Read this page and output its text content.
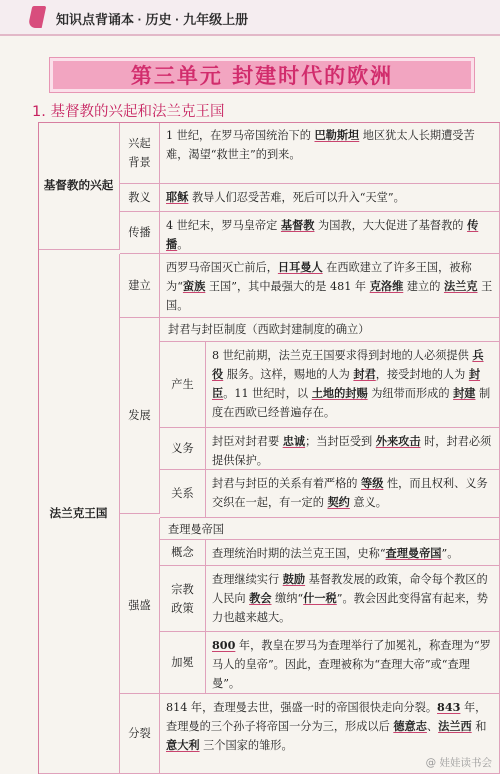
知识点背诵本 · 历史 · 九年级上册
第三单元 封建时代的欧洲
1. 基督教的兴起和法兰克王国
基督教的兴起
兴起
背景
1 世纪，在罗马帝国统治下的 巴勒斯坦 地区犹太人长期遭受苦难，渴望“救世主”的到来。
教义	耶稣 教导人们忍受苦难，死后可以升入“天堂”。
传播
4 世纪末，罗马皇帝定 基督教 为国教，大大促进了基督教的 传播。
法兰克王国
建立
西罗马帝国灭亡前后，日耳曼人 在西欧建立了许多王国，被称为“蛮族 王国”，其中最强大的是 481 年 克洛维 建立的 法兰克 王国。
发展
封君与封臣制度（西欧封建制度的确立）
产生
8 世纪前期，法兰克王国要求得到封地的人必须提供 兵役 服务。这样，赐地的人为 封君，接受封地的人为 封臣。11 世纪时，以 土地的封赐 为纽带而形成的 封建 制度在西欧已经普遍存在。
义务
封臣对封君要 忠诚；当封臣受到 外来攻击 时，封君必须提供保护。
关系
封君与封臣的关系有着严格的 等级 性，而且权利、义务交织在一起，有一定的 契约 意义。
强盛
查理曼帝国
概念	查理统治时期的法兰克王国，史称“查理曼帝国”。
宗教
政策
查理继续实行 鼓励 基督教发展的政策，命令每个教区的人民向 教会 缴纳“什一税”。教会因此变得富有起来，势力也越来越大。
加冕
800 年，教皇在罗马为查理举行了加冕礼，称查理为“罗马人的皇帝”。因此，查理被称为“查理大帝”或“查理曼”。
分裂
814 年，查理曼去世，强盛一时的帝国很快走向分裂。843 年，查理曼的三个孙子将帝国一分为三，形成以后 德意志、法兰西 和 意大利 三个国家的雏形。
@ 娃娃读书会
